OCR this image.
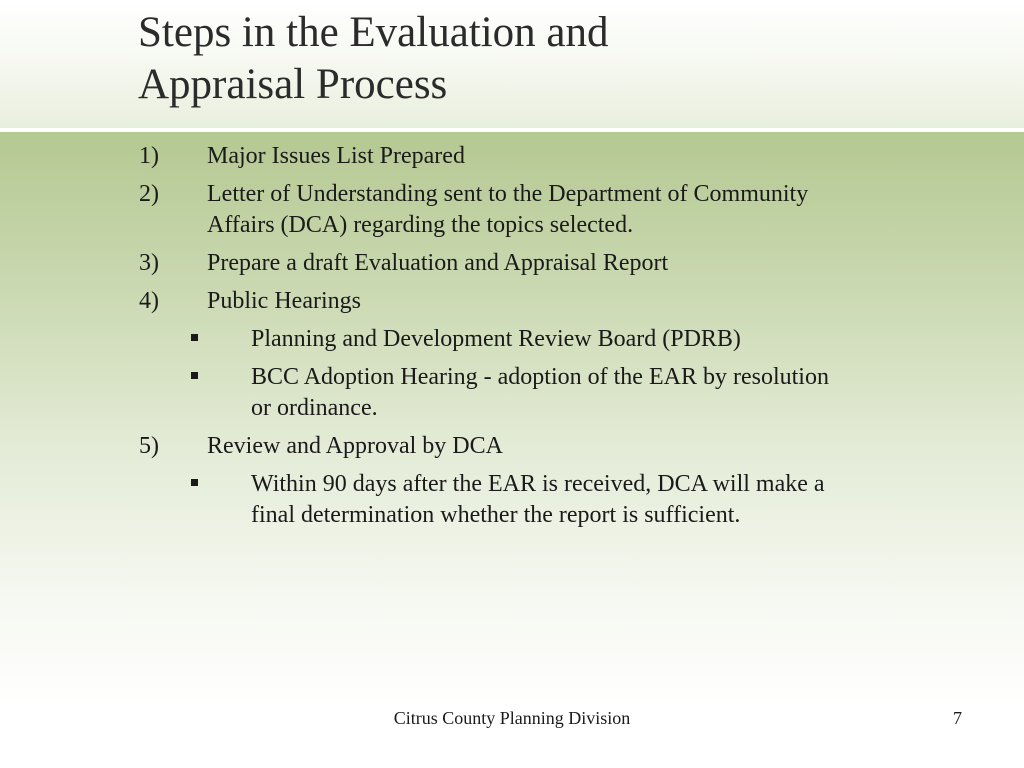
Steps in the Evaluation and
Appraisal Process
1) Major Issues List Prepared
2) Letter of Understanding sent to the Department of Community Affairs (DCA) regarding the topics selected.
3) Prepare a draft Evaluation and Appraisal Report
4) Public Hearings
Planning and Development Review Board (PDRB)
BCC Adoption Hearing - adoption of the EAR by resolution or ordinance.
5) Review and Approval by DCA
Within 90 days after the EAR is received, DCA will make a final determination whether the report is sufficient.
Citrus County Planning Division	7
